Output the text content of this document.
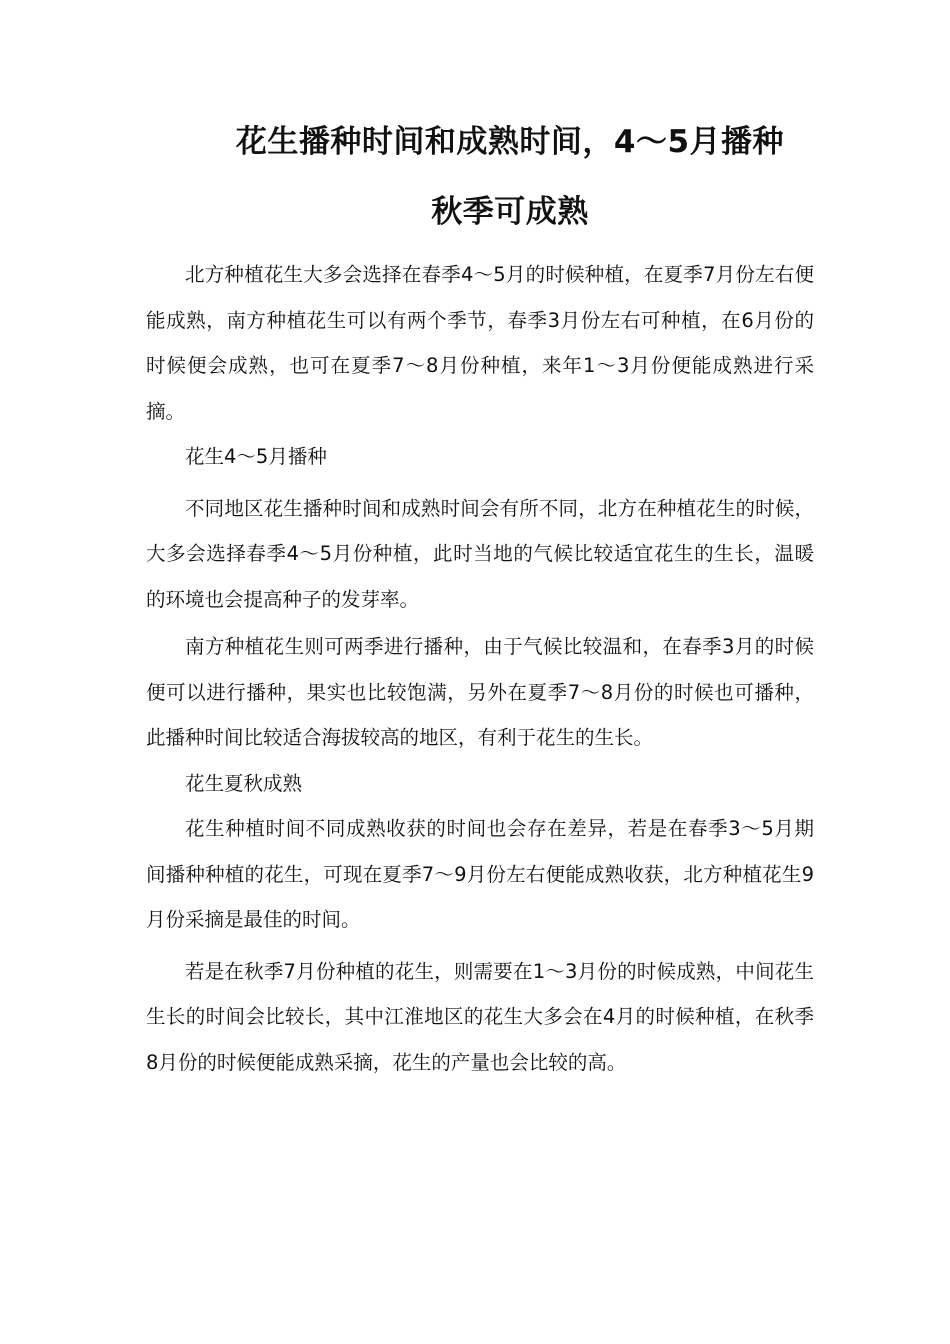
花生播种时间和成熟时间，4～5月播种
秋季可成熟

北方种植花生大多会选择在春季4～5月的时候种植，在夏季7月份左右便能成熟，南方种植花生可以有两个季节，春季3月份左右可种植，在6月份的时候便会成熟，也可在夏季7～8月份种植，来年1～3月份便能成熟进行采摘。

花生4～5月播种

不同地区花生播种时间和成熟时间会有所不同，北方在种植花生的时候，大多会选择春季4～5月份种植，此时当地的气候比较适宜花生的生长，温暖的环境也会提高种子的发芽率。

南方种植花生则可两季进行播种，由于气候比较温和，在春季3月的时候便可以进行播种，果实也比较饱满，另外在夏季7～8月份的时候也可播种，此播种时间比较适合海拔较高的地区，有利于花生的生长。

花生夏秋成熟

花生种植时间不同成熟收获的时间也会存在差异，若是在春季3～5月期间播种种植的花生，可现在夏季7～9月份左右便能成熟收获，北方种植花生9月份采摘是最佳的时间。

若是在秋季7月份种植的花生，则需要在1～3月份的时候成熟，中间花生生长的时间会比较长，其中江淮地区的花生大多会在4月的时候种植，在秋季8月份的时候便能成熟采摘，花生的产量也会比较的高。
